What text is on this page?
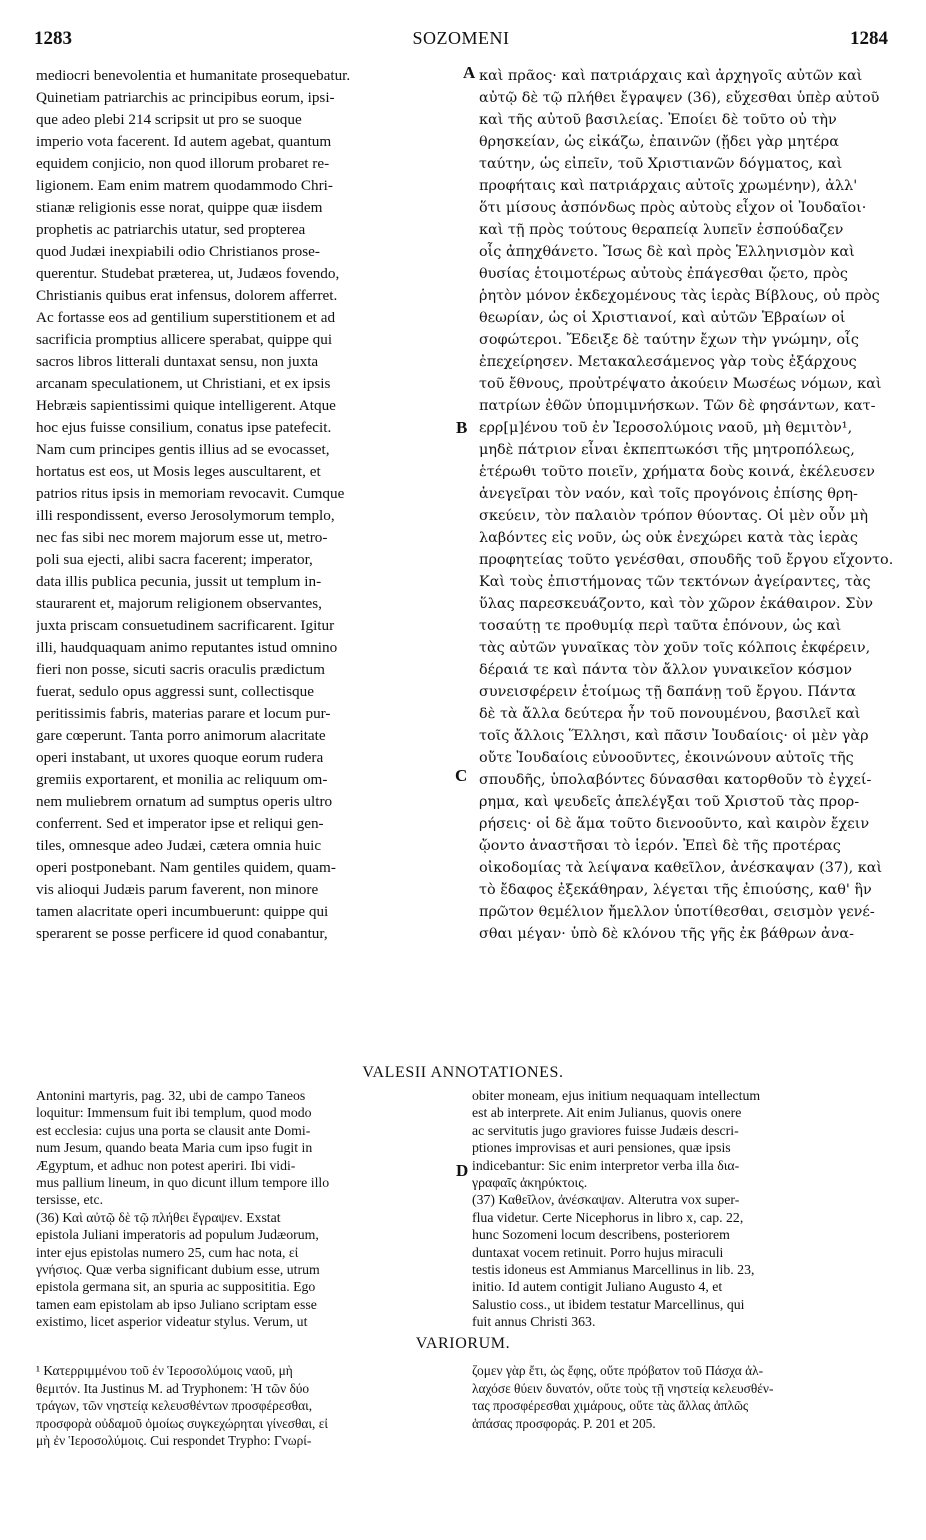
1283	SOZOMENI	1284
mediocri benevolentia et humanitate prosequebatur.
Quinetiam patriarchis ac principibus eorum, ipsi-
que adeo plebi 214 scripsit ut pro se suoque
imperio vota facerent. Id autem agebat, quantum
equidem conjicio, non quod illorum probaret re-
ligionem. Eam enim matrem quodammodo Chri-
stianæ religionis esse norat, quippe quæ iisdem
prophetis ac patriarchis utatur, sed propterea
quod Judæi inexpiabili odio Christianos prose-
querentur. Studebat præterea, ut, Judæos fovendo,
Christianis quibus erat infensus, dolorem afferret.
Ac fortasse eos ad gentilium superstitionem et ad
sacrificia promptius allicere sperabat, quippe qui
sacros libros litterali duntaxat sensu, non juxta
arcanam speculationem, ut Christiani, et ex ipsis
Hebræis sapientissimi quique intelligerent. Atque
hoc ejus fuisse consilium, conatus ipse patefecit.
Nam cum principes gentis illius ad se evocasset,
hortatus est eos, ut Mosis leges auscultarent, et
patrios ritus ipsis in memoriam revocavit. Cumque
illi respondissent, everso Jerosolymorum templo,
nec fas sibi nec morem majorum esse ut, metro-
poli sua ejecti, alibi sacra facerent; imperator,
data illis publica pecunia, jussit ut templum in-
staurarent et, majorum religionem observantes,
juxta priscam consuetudinem sacrificarent. Igitur
illi, haudquaquam animo reputantes istud omnino
fieri non posse, sicuti sacris oraculis prædictum
fuerat, sedulo opus aggressi sunt, collectisque
peritissimis fabris, materias parare et locum pur-
gare cœperunt. Tanta porro animorum alacritate
operi instabant, ut uxores quoque eorum rudera
gremiis exportarent, et monilia ac reliquum om-
nem muliebrem ornatum ad sumptus operis ultro
conferrent. Sed et imperator ipse et reliqui gen-
tiles, omnesque adeo Judæi, cætera omnia huic
operi postponebant. Nam gentiles quidem, quam-
vis alioqui Judæis parum faverent, non minore
tamen alacritate operi incumbuerunt: quippe qui
sperarent se posse perficere id quod conabantur,
καὶ πρᾶος· καὶ πατριάρχαις καὶ ἀρχηγοῖς αὐτῶν καὶ
αὐτῷ δὲ τῷ πλήθει ἔγραψεν (36), εὔχεσθαι ὑπὲρ αὐτοῦ
καὶ τῆς αὐτοῦ βασιλείας. Ἐποίει δὲ τοῦτο οὐ τὴν
θρησκείαν, ὡς εἰκάζω, ἐπαινῶν (ᾔδει γὰρ μητέρα
ταύτην, ὡς εἰπεῖν, τοῦ Χριστιανῶν δόγματος, καὶ
προφήταις καὶ πατριάρχαις αὐτοῖς χρωμένην), ἀλλ'
ὅτι μίσους ἀσπόνδως πρὸς αὐτοὺς εἶχον οἱ Ἰουδαῖοι·
καὶ τῇ πρὸς τούτους θεραπείᾳ λυπεῖν ἐσπούδαζεν
οἷς ἀπηχθάνετο. Ἴσως δὲ καὶ πρὸς Ἑλληνισμὸν καὶ
θυσίας ἑτοιμοτέρως αὐτοὺς ἐπάγεσθαι ᾤετο, πρὸς
ῥητὸν μόνον ἐκδεχομένους τὰς ἱερὰς Βίβλους, οὐ πρὸς
θεωρίαν, ὡς οἱ Χριστιανοί, καὶ αὐτῶν Ἑβραίων οἱ
σοφώτεροι. Ἔδειξε δὲ ταύτην ἔχων τὴν γνώμην, οἷς
ἐπεχείρησεν. Μετακαλεσάμενος γὰρ τοὺς ἐξάρχους
τοῦ ἔθνους, προὐτρέψατο ἀκούειν Μωσέως νόμων, καὶ
πατρίων ἐθῶν ὑπομιμνήσκων. Τῶν δὲ φησάντων, κατ-
ερρ[μ]ένου τοῦ ἐν Ἱεροσολύμοις ναοῦ, μὴ θεμιτὸν¹,
μηδὲ πάτριον εἶναι ἐκπεπτωκόσι τῆς μητροπόλεως,
ἑτέρωθι τοῦτο ποιεῖν, χρήματα δοὺς κοινά, ἐκέλευσεν
ἀνεγεῖραι τὸν ναόν, καὶ τοῖς προγόνοις ἐπίσης θρη-
σκεύειν, τὸν παλαιὸν τρόπον θύοντας. Οἱ μὲν οὖν μὴ
λαβόντες εἰς νοῦν, ὡς οὐκ ἐνεχώρει κατὰ τὰς ἱερὰς
προφητείας τοῦτο γενέσθαι, σπουδῆς τοῦ ἔργου εἴχοντο.
Καὶ τοὺς ἐπιστήμονας τῶν τεκτόνων ἀγείραντες, τὰς
ὕλας παρεσκευάζοντο, καὶ τὸν χῶρον ἐκάθαιρον. Σὺν
τοσαύτῃ τε προθυμίᾳ περὶ ταῦτα ἐπόνουν, ὡς καὶ
τὰς αὐτῶν γυναῖκας τὸν χοῦν τοῖς κόλποις ἐκφέρειν,
δέραιά τε καὶ πάντα τὸν ἄλλον γυναικεῖον κόσμον
συνεισφέρειν ἑτοίμως τῇ δαπάνῃ τοῦ ἔργου. Πάντα
δὲ τὰ ἄλλα δεύτερα ἦν τοῦ πονουμένου, βασιλεῖ καὶ
τοῖς ἄλλοις Ἕλλησι, καὶ πᾶσιν Ἰουδαίοις· οἱ μὲν γὰρ
οὔτε Ἰουδαίοις εὐνοοῦντες, ἐκοινώνουν αὐτοῖς τῆς
σπουδῆς, ὑπολαβόντες δύνασθαι κατορθοῦν τὸ ἐγχεί-
ρημα, καὶ ψευδεῖς ἀπελέγξαι τοῦ Χριστοῦ τὰς προρ-
ρήσεις· οἱ δὲ ἅμα τοῦτο διενοοῦντο, καὶ καιρὸν ἔχειν
ᾤοντο ἀναστῆσαι τὸ ἱερόν. Ἐπεὶ δὲ τῆς προτέρας
οἰκοδομίας τὰ λείψανα καθεῖλον, ἀνέσκαψαν (37), καὶ
τὸ ἔδαφος ἐξεκάθηραν, λέγεται τῆς ἐπιούσης, καθ' ἣν
πρῶτον θεμέλιον ἤμελλον ὑποτίθεσθαι, σεισμὸν γενέ-
σθαι μέγαν· ὑπὸ δὲ κλόνου τῆς γῆς ἐκ βάθρων ἀνα-
A
B
C
D
VALESII ANNOTATIONES.
Antonini martyris, pag. 32, ubi de campo Taneos
loquitur: Immensum fuit ibi templum, quod modo
est ecclesia: cujus una porta se clausit ante Domi-
num Jesum, quando beata Maria cum ipso fugit in
Ægyptum, et adhuc non potest aperiri. Ibi vidi-
mus pallium lineum, in quo dicunt illum tempore illo
tersisse, etc.
(36) Καὶ αὐτῷ δὲ τῷ πλήθει ἔγραψεν. Exstat
epistola Juliani imperatoris ad populum Judæorum,
inter ejus epistolas numero 25, cum hac nota, εἰ
γνήσιος. Quæ verba significant dubium esse, utrum
epistola germana sit, an spuria ac supposititia. Ego
tamen eam epistolam ab ipso Juliano scriptam esse
existimo, licet asperior videatur stylus. Verum, ut
obiter moneam, ejus initium nequaquam intellectum
est ab interprete. Ait enim Julianus, quovis onere
ac servitutis jugo graviores fuisse Judæis descri-
ptiones improvisas et auri pensiones, quæ ipsis
indicebantur: Sic enim interpretor verba illa δια-
γραφαῖς ἀκηρύκτοις.
(37) Καθεῖλον, ἀνέσκαψαν. Alterutra vox super-
flua videtur. Certe Nicephorus in libro x, cap. 22,
hunc Sozomeni locum describens, posteriorem
duntaxat vocem retinuit. Porro hujus miraculi
testis idoneus est Ammianus Marcellinus in lib. 23,
initio. Id autem contigit Juliano Augusto 4, et
Salustio coss., ut ibidem testatur Marcellinus, qui
fuit annus Christi 363.
VARIORUM.
¹ Κατερριμμένου τοῦ ἐν Ἱεροσολύμοις ναοῦ, μὴ
θεμιτόν. Ita Justinus M. ad Tryphonem: Ἡ τῶν δύο
τράγων, τῶν νηστείᾳ κελευσθέντων προσφέρεσθαι,
προσφορὰ οὐδαμοῦ ὁμοίως συγκεχώρηται γίνεσθαι, εἰ
μὴ ἐν Ἱεροσολύμοις. Cui respondet Trypho: Γνωρί-
ζομεν γὰρ ἔτι, ὡς ἔφης, οὔτε πρόβατον τοῦ Πάσχα ἀλ-
λαχόσε θύειν δυνατόν, οὔτε τοὺς τῇ νηστείᾳ κελευσθέν-
τας προσφέρεσθαι χιμάρους, οὔτε τὰς ἄλλας ἁπλῶς
ἁπάσας προσφοράς. P. 201 et 205.
